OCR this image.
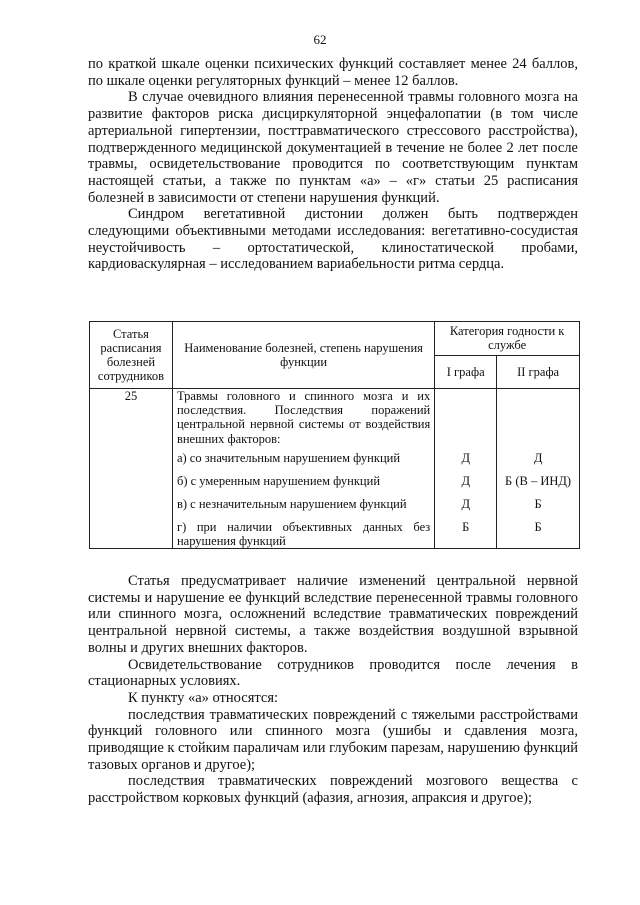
62

по краткой шкале оценки психических функций составляет менее 24 баллов, по шкале оценки регуляторных функций – менее 12 баллов.

В случае очевидного влияния перенесенной травмы головного мозга на развитие факторов риска дисциркуляторной энцефалопатии (в том числе артериальной гипертензии, посттравматического стрессового расстройства), подтвержденного медицинской документацией в течение не более 2 лет после травмы, освидетельствование проводится по соответствующим пунктам настоящей статьи, а также по пунктам «а» – «г» статьи 25 расписания болезней в зависимости от степени нарушения функций.

Синдром вегетативной дистонии должен быть подтвержден следующими объективными методами исследования: вегетативно-сосудистая неустойчивость – ортостатической, клиностатической пробами, кардиоваскулярная – исследованием вариабельности ритма сердца.

Статья расписания болезней сотрудников	Наименование болезней, степень нарушения функции	Категория годности к службе	
		I графа	II графа
25	Травмы головного и спинного мозга и их последствия. Последствия поражений центральной нервной системы от воздействия внешних факторов:		
	а) со значительным нарушением функций	Д	Д
	б) с умеренным нарушением функций	Д	Б (В – ИНД)
	в) с незначительным нарушением функций	Д	Б
	г) при наличии объективных данных без нарушения функций	Б	Б

Статья предусматривает наличие изменений центральной нервной системы и нарушение ее функций вследствие перенесенной травмы головного или спинного мозга, осложнений вследствие травматических повреждений центральной нервной системы, а также воздействия воздушной взрывной волны и других внешних факторов.

Освидетельствование сотрудников проводится после лечения в стационарных условиях.

К пункту «а» относятся:

последствия травматических повреждений с тяжелыми расстройствами функций головного или спинного мозга (ушибы и сдавления мозга, приводящие к стойким параличам или глубоким парезам, нарушению функций тазовых органов и другое);

последствия травматических повреждений мозгового вещества с расстройством корковых функций (афазия, агнозия, апраксия и другое);
